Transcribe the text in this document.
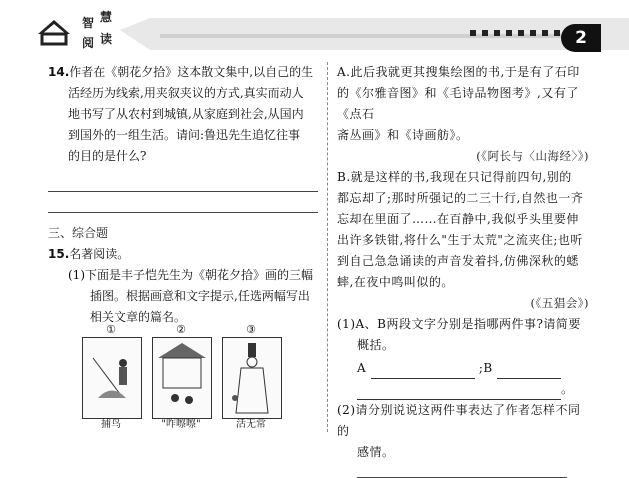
智 慧
阅 读	2
14.作者在《朝花夕拾》这本散文集中,以自己的生
活经历为线索,用夹叙夹议的方式,真实而动人
地书写了从农村到城镇,从家庭到社会,从国内
到国外的一组生活。请问:鲁迅先生追忆往事
的目的是什么?
三、综合题
15.名著阅读。
(1)下面是丰子恺先生为《朝花夕拾》画的三幅
插图。根据画意和文字提示,任选两幅写出
相关文章的篇名。
①
捕鸟
②
"咋嚓嚓"
③
活无常
A.此后我就更其搜集绘图的书,于是有了石印
的《尔雅音图》和《毛诗品物图考》,又有了《点石
斋丛画》和《诗画舫》。
(《阿长与〈山海经〉》)
B.就是这样的书,我现在只记得前四句,别的
都忘却了;那时所强记的二三十行,自然也一齐
忘却在里面了……在百静中,我似乎头里要伸
出许多铁钳,将什么"生于太荒"之流夹住;也听
到自己急急诵读的声音发着抖,仿佛深秋的蟋
蟀,在夜中鸣叫似的。
(《五猖会》)
(1)A、B两段文字分别是指哪两件事?请简要
概括。
A	;B
。
(2)请分别说说这两件事表达了作者怎样不同的
感情。
